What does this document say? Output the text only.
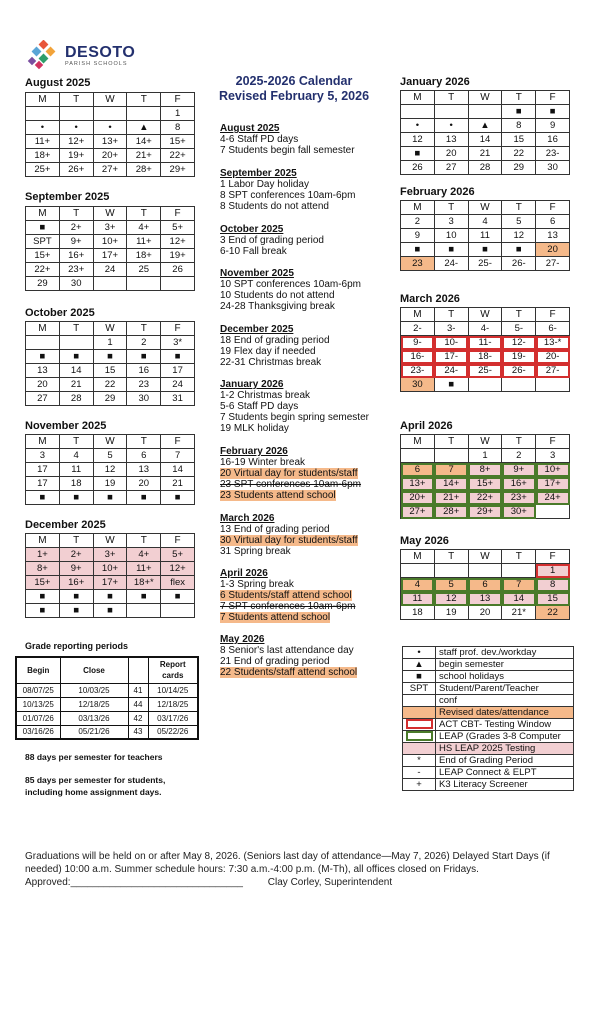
DESOTO
PARISH SCHOOLS
2025-2026 Calendar
Revised February 5, 2026
August 2025
M	T	W	T	F
				1
•	•	•	▲	8
11+	12+	13+	14+	15+
18+	19+	20+	21+	22+
25+	26+	27+	28+	29+
September 2025
M	T	W	T	F
■	2+	3+	4+	5+
SPT	9+	10+	11+	12+
15+	16+	17+	18+	19+
22+	23+	24	25	26
29	30			
October 2025
M	T	W	T	F
		1	2	3*
■	■	■	■	■
13	14	15	16	17
20	21	22	23	24
27	28	29	30	31
November 2025
M	T	W	T	F
3	4	5	6	7
17	11	12	13	14
17	18	19	20	21
■	■	■	■	■
December 2025
M	T	W	T	F
1+	2+	3+	4+	5+
8+	9+	10+	11+	12+
15+	16+	17+	18+*	flex
■	■	■	■	■
■	■	■		
January 2026
M	T	W	T	F
			■	■
•	•	▲	8	9
12	13	14	15	16
■	20	21	22	23-
26	27	28	29	30
February 2026
M	T	W	T	F
2	3	4	5	6
9	10	11	12	13
■	■	■	■	20
23	24-	25-	26-	27-
March 2026
M	T	W	T	F
2-	3-	4-	5-	6-
9-	10-	11-	12-	13-*
16-	17-	18-	19-	20-
23-	24-	25-	26-	27-
30	■			
April 2026
M	T	W	T	F
		1	2	3
6	7	8+	9+	10+
13+	14+	15+	16+	17+
20+	21+	22+	23+	24+
27+	28+	29+	30+	
May 2026
M	T	W	T	F
				1
4	5	6	7	8
11	12	13	14	15
18	19	20	21*	22
August 2025
4-6 Staff PD days
7 Students begin fall semester
September 2025
1 Labor Day holiday
8 SPT conferences 10am-6pm
8 Students do not attend
October 2025
3 End of grading period
6-10 Fall break
November 2025
10 SPT conferences 10am-6pm
10 Students do not attend
24-28 Thanksgiving break
December 2025
18 End of grading period
19 Flex day if needed
22-31 Christmas break
January 2026
1-2 Christmas break
5-6 Staff PD days
7 Students begin spring semester
19 MLK holiday
February 2026
16-19 Winter break
20 Virtual day for students/staff
23 SPT conferences 10am-6pm
23 Students attend school
March 2026
13 End of grading period
30 Virtual day for students/staff
31 Spring break
April 2026
1-3 Spring break
6 Students/staff attend school
7 SPT conferences 10am-6pm
7 Students attend school
May 2026
8 Senior's last attendance day
21 End of grading period
22 Students/staff attend school
Grade reporting periods
Begin	Close		Report cards
08/07/25	10/03/25	41	10/14/25
10/13/25	12/18/25	44	12/18/25
01/07/26	03/13/26	42	03/17/26
03/16/26	05/21/26	43	05/22/26
88 days per semester for teachers
85 days per semester for students, including home assignment days.
•	staff prof. dev./workday
▲	begin semester
■	school holidays
SPT	Student/Parent/Teacher
	conf
	Revised dates/attendance
	ACT CBT- Testing Window
	LEAP (Grades 3-8 Computer
	HS LEAP 2025 Testing
*	End of Grading Period
-	LEAP Connect & ELPT
+	K3 Literacy Screener
Graduations will be held on or after May 8, 2026. (Seniors last day of attendance—May 7, 2026) Delayed Start Days (if
needed) 10:00 a.m. Summer schedule hours: 7:30 a.m.-4:00 p.m. (M-Th), all offices closed on Fridays.
Approved:_______________________________ Clay Corley, Superintendent
